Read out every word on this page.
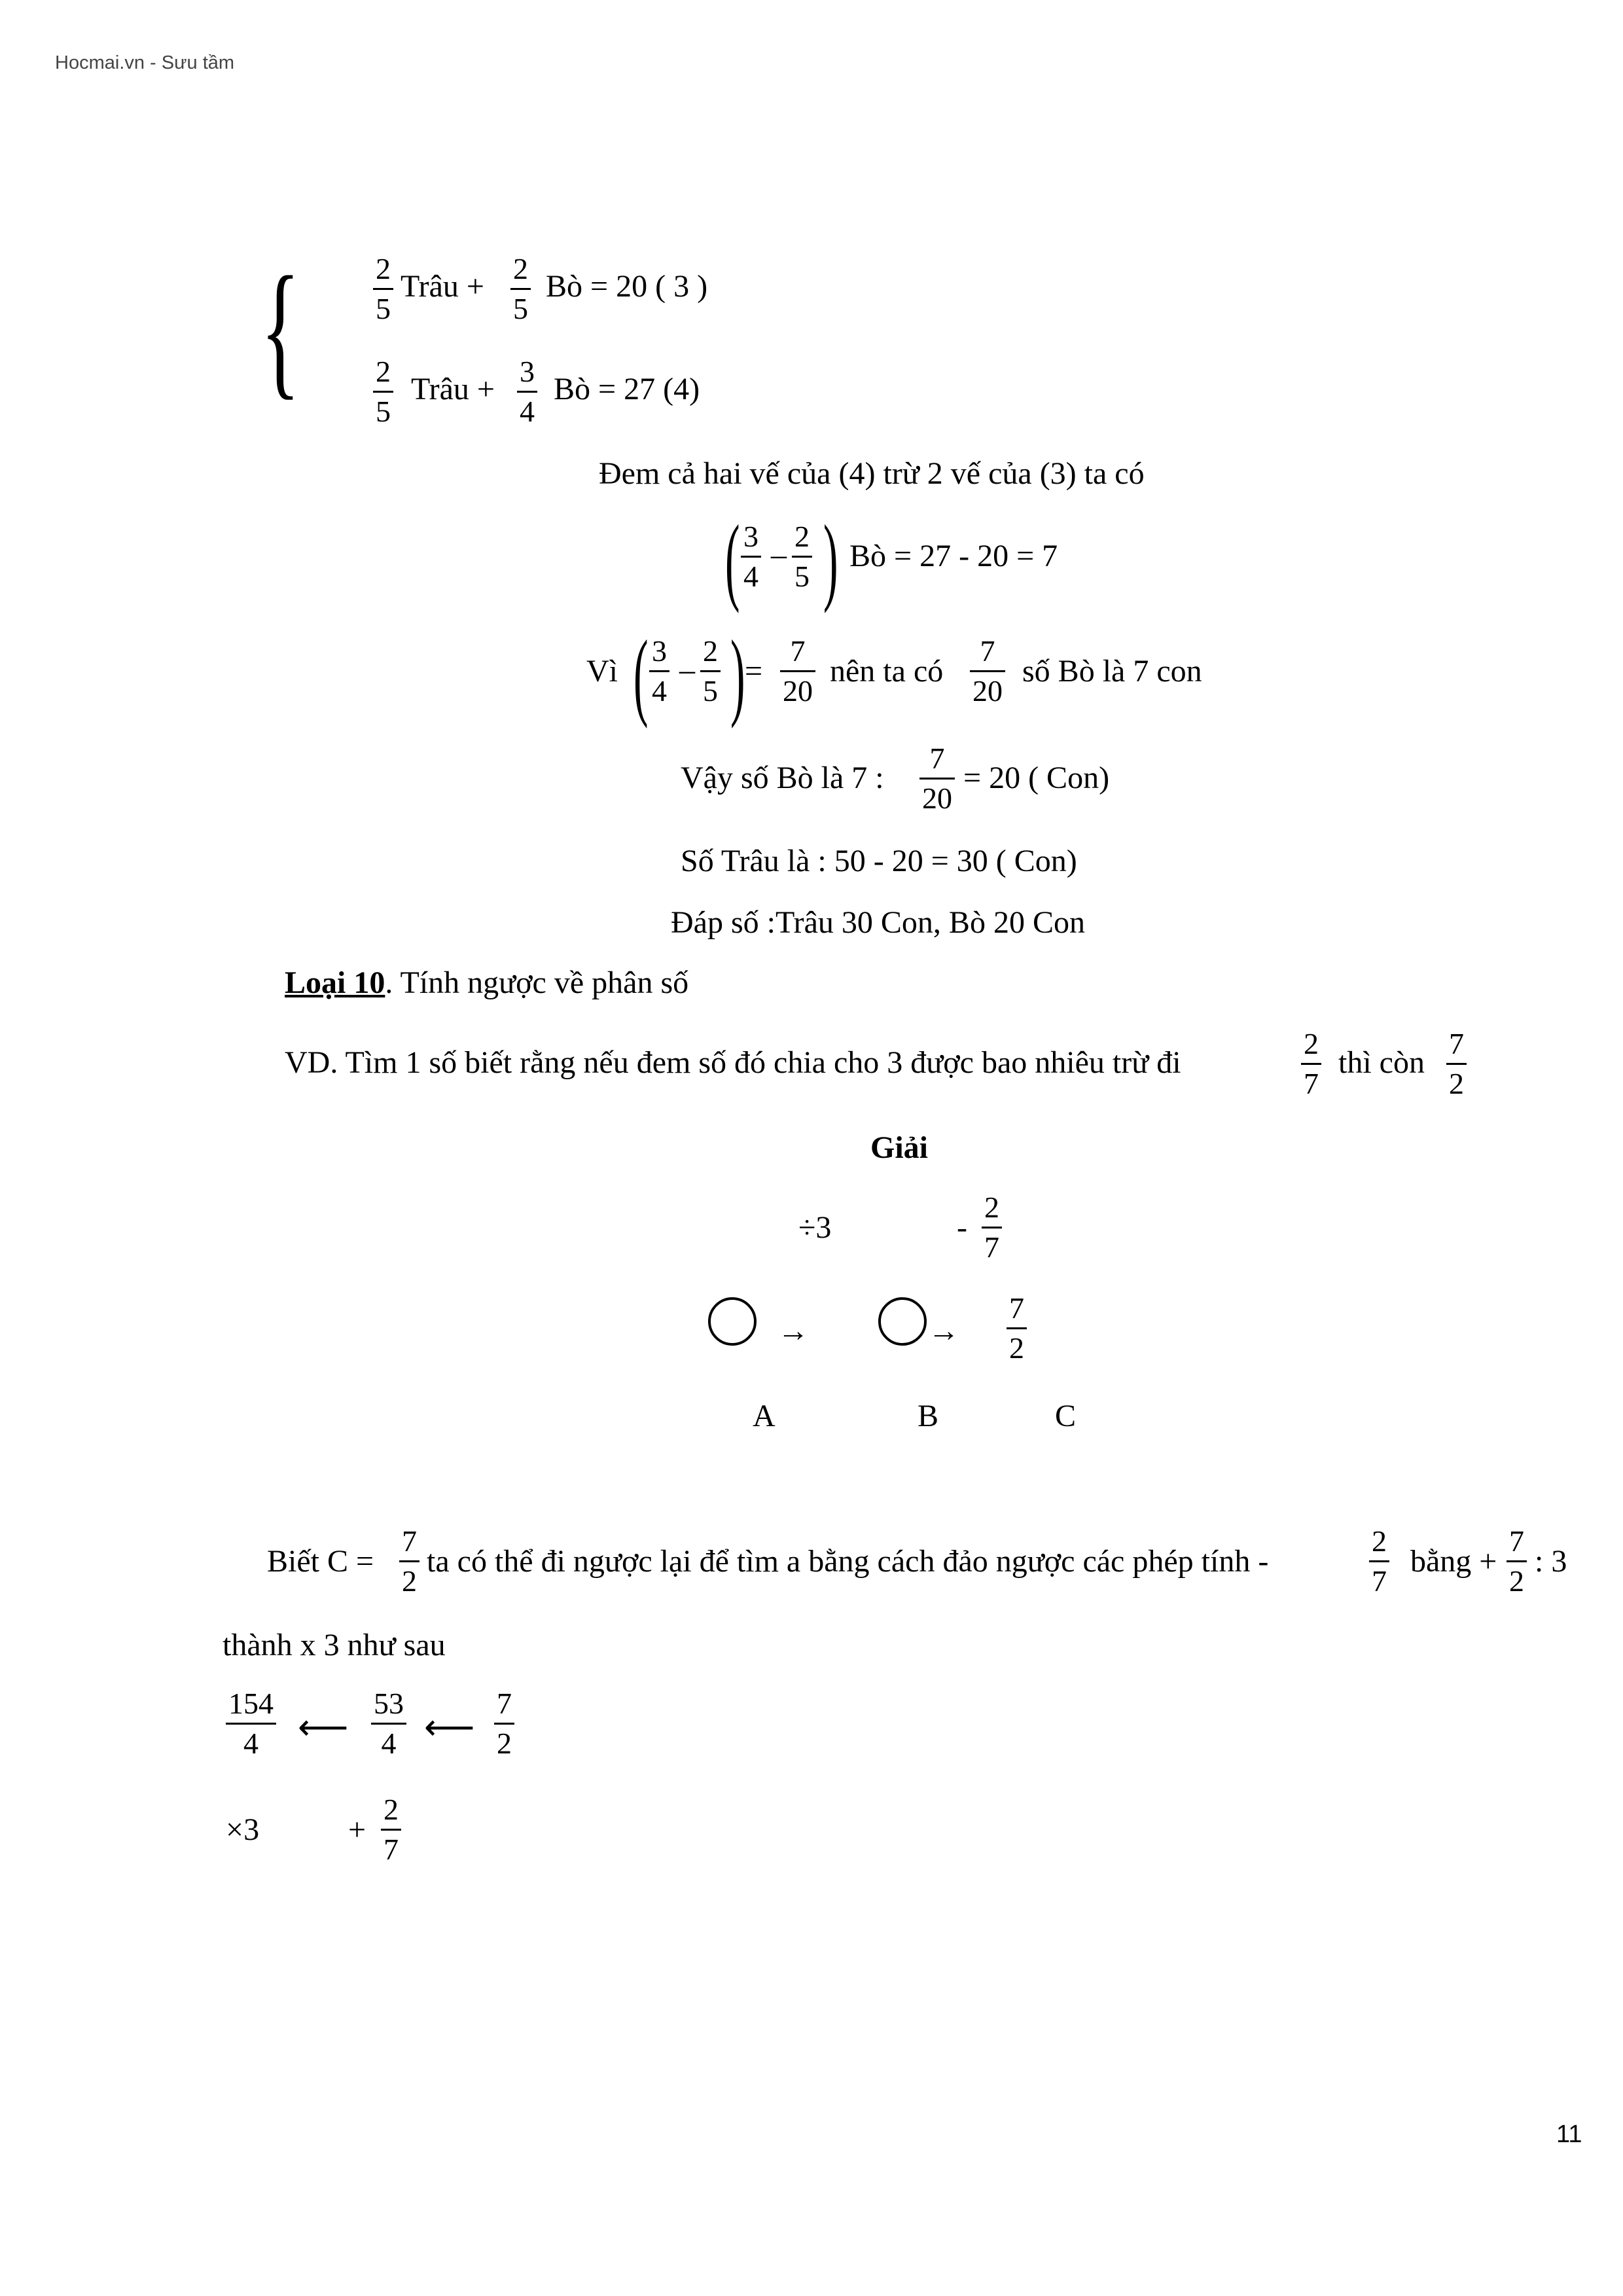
Hocmai.vn - Sưu tầm
{	2
5
Trâu +
2
5
Bò = 20 ( 3 )
2
5
Trâu +
3
4
Bò = 27 (4)
Đem cả hai vế của (4) trừ 2 vế của (3) ta có
( 3
4
–
2
5 ) Bò = 27 - 20 = 7
Vì ( 3
4
–
2
5 ) =
7
20
nên ta có
7
20
số Bò là 7 con
Vậy số Bò là 7 :
7
20
= 20 ( Con)
Số Trâu là : 50 - 20 = 30 ( Con)
Đáp số :Trâu 30 Con, Bò 20 Con
Loại 10. Tính ngược về phân số
VD. Tìm 1 số biết rằng nếu đem số đó chia cho 3 được bao nhiêu trừ đi
2
7
thì còn
7
2
Giải
÷3	-
2
7
→	→
7
2
A	B	C
Biết C =
7
2
ta có thể đi ngược lại để tìm a bằng cách đảo ngược các phép tính -
2
7
bằng +
7
2
: 3
thành x 3 như sau
154
4 ⟵
53
4 ⟵
7
2
×3	+
2
7
11
